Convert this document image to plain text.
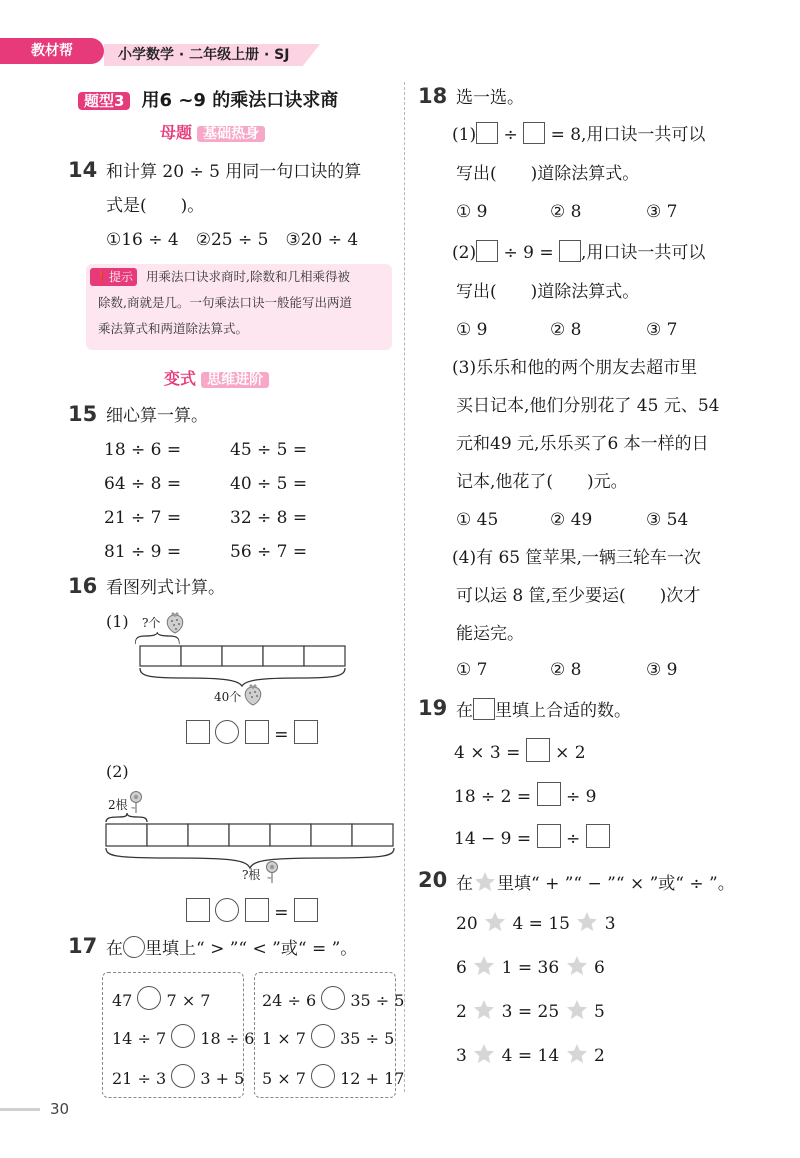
教材帮	小学数学 · 二年级上册 · SJ
题型3 用6 ~9 的乘法口诀求商
母题 基础热身
14 和计算 20 ÷ 5 用同一句口诀的算
式是(　　)。
①16 ÷ 4　②25 ÷ 5　③20 ÷ 4
❗提示	用乘法口诀求商时,除数和几相乘得被
除数,商就是几。一句乘法口诀一般能写出两道
乘法算式和两道除法算式。
变式 思维进阶
15 细心算一算。
18 ÷ 6 =	45 ÷ 5 =
64 ÷ 8 =	40 ÷ 5 =
21 ÷ 7 =	32 ÷ 8 =
81 ÷ 9 =	56 ÷ 7 =
16 看图列式计算。
(1) ?个
40个
=
(2)
2根
?根
=
17 在 里填上“ > ”“ < ”或“ = ”。
47 7 × 7
14 ÷ 7 18 ÷ 6
21 ÷ 3 3 + 5
24 ÷ 6 35 ÷ 5
1 × 7 35 ÷ 5
5 × 7 12 + 17
18 选一选。
(1) ÷ = 8,用口诀一共可以
写出(　　)道除法算式。
① 9	② 8	③ 7
(2) ÷ 9 = ,用口诀一共可以
写出(　　)道除法算式。
① 9	② 8	③ 7
(3)乐乐和他的两个朋友去超市里
买日记本,他们分别花了 45 元、54
元和49 元,乐乐买了6 本一样的日
记本,他花了(　　)元。
① 45	② 49	③ 54
(4)有 65 筐苹果,一辆三轮车一次
可以运 8 筐,至少要运(　　)次才
能运完。
① 7	② 8	③ 9
19 在 里填上合适的数。
4 × 3 = × 2
18 ÷ 2 = ÷ 9
14 − 9 = ÷
20 在 里填“ + ”“ − ”“ × ”或“ ÷ ”。
20 4 = 15 3
6 1 = 36 6
2 3 = 25 5
3 4 = 14 2
30
